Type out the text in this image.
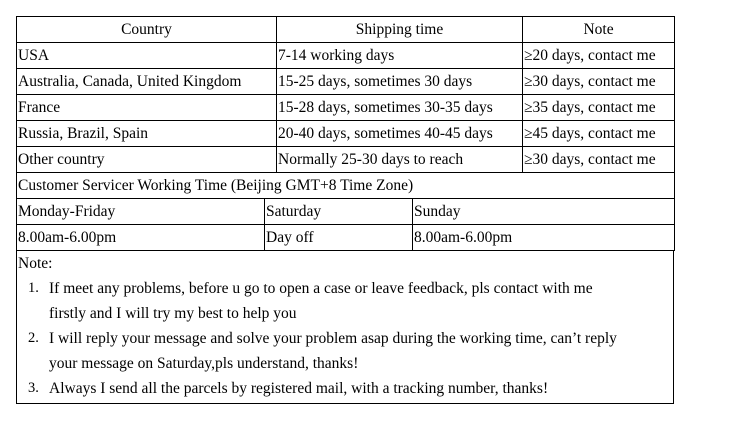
Country		Shipping time		Note
USA		7-14 working days		≥20 days, contact me
Australia, Canada, United Kingdom		15-25 days, sometimes 30 days		≥30 days, contact me
France		15-28 days, sometimes 30-35 days		≥35 days, contact me
Russia, Brazil, Spain		20-40 days, sometimes 40-45 days		≥45 days, contact me
Other country		Normally 25-30 days to reach		≥30 days, contact me
Customer Servicer Working Time (Beijing GMT+8 Time Zone)				
Monday-Friday	Saturday		Sunday	
8.00am-6.00pm	Day off		8.00am-6.00pm	
Note:
1. If meet any problems, before u go to open a case or leave feedback, pls contact with me
firstly and I will try my best to help you
2. I will reply your message and solve your problem asap during the working time, can’t reply
your message on Saturday,pls understand, thanks!
3. Always I send all the parcels by registered mail, with a tracking number, thanks!
